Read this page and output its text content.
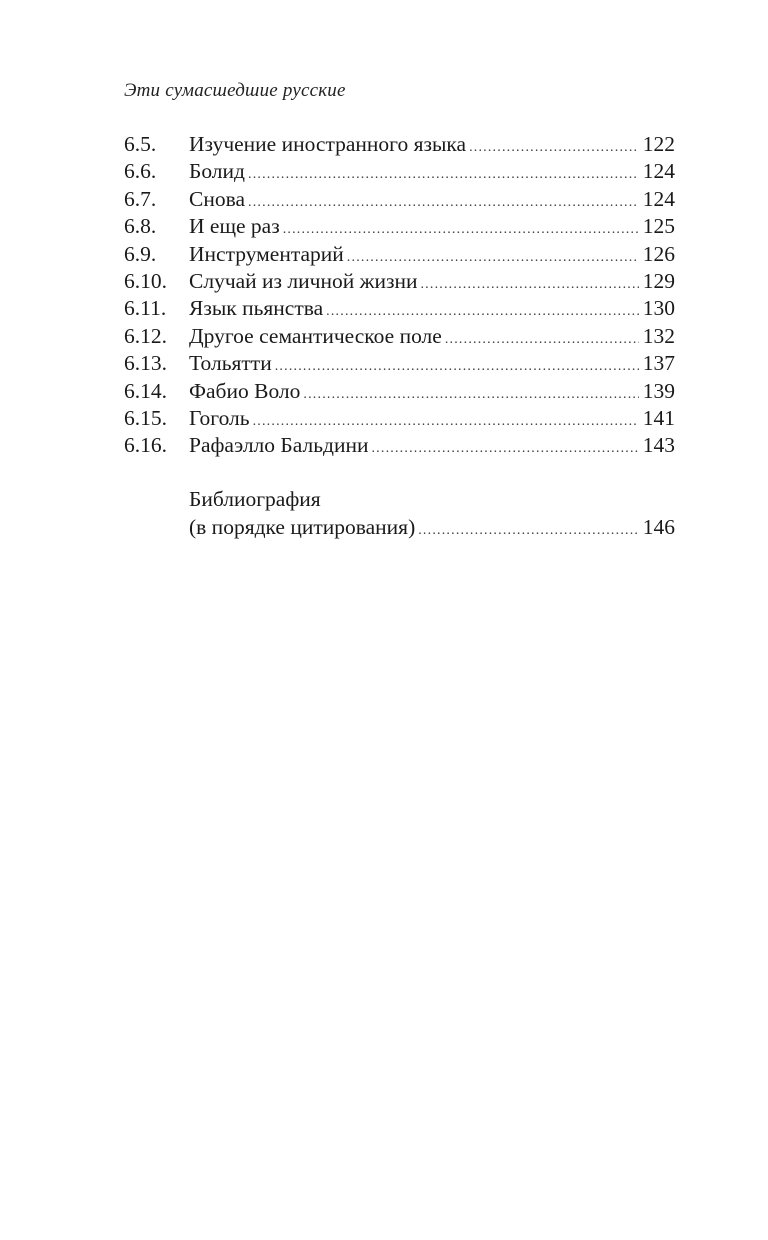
Эти сумасшедшие русские
6.5.	Изучение иностранного языка .....	122
6.6.	Болид .....	124
6.7.	Снова .....	124
6.8.	И еще раз .....	125
6.9.	Инструментарий .....	126
6.10.	Случай из личной жизни .....	129
6.11.	Язык пьянства .....	130
6.12.	Другое семантическое поле .....	132
6.13.	Тольятти .....	137
6.14.	Фабио Воло .....	139
6.15.	Гоголь .....	141
6.16.	Рафаэлло Бальдини .....	143
Библиография
(в порядке цитирования) .....	146
